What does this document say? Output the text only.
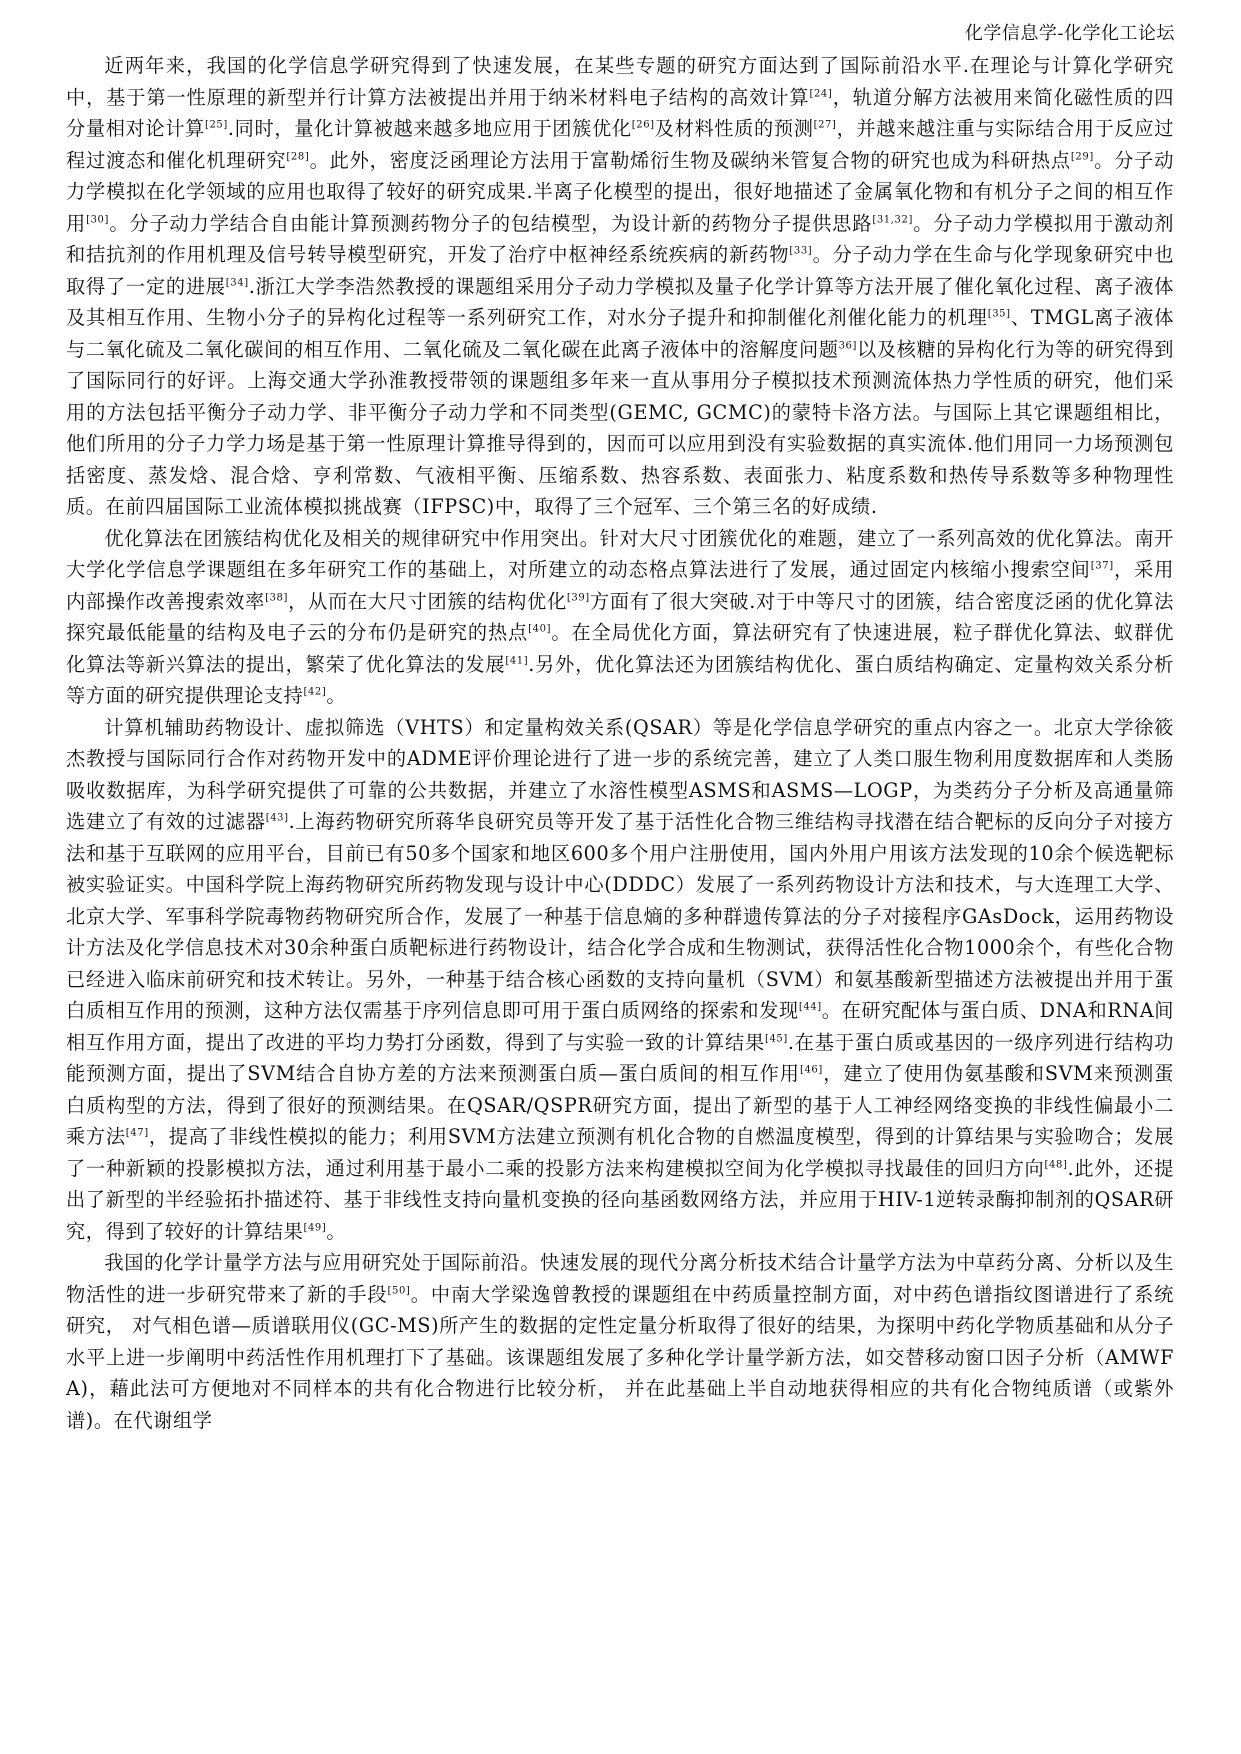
化学信息学-化学化工论坛

近两年来，我国的化学信息学研究得到了快速发展，在某些专题的研究方面达到了国际前沿水平.在理论与计算化学研究中，基于第一性原理的新型并行计算方法被提出并用于纳米材料电子结构的高效计算[24]，轨道分解方法被用来简化磁性质的四分量相对论计算[25].同时，量化计算被越来越多地应用于团簇优化[26]及材料性质的预测[27]，并越来越注重与实际结合用于反应过程过渡态和催化机理研究[28]。此外，密度泛函理论方法用于富勒烯衍生物及碳纳米管复合物的研究也成为科研热点[29]。分子动力学模拟在化学领域的应用也取得了较好的研究成果.半离子化模型的提出，很好地描述了金属氧化物和有机分子之间的相互作用[30]。分子动力学结合自由能计算预测药物分子的包结模型，为设计新的药物分子提供思路[31,32]。分子动力学模拟用于激动剂和拮抗剂的作用机理及信号转导模型研究，开发了治疗中枢神经系统疾病的新药物[33]。分子动力学在生命与化学现象研究中也取得了一定的进展[34].浙江大学李浩然教授的课题组采用分子动力学模拟及量子化学计算等方法开展了催化氧化过程、离子液体及其相互作用、生物小分子的异构化过程等一系列研究工作，对水分子提升和抑制催化剂催化能力的机理[35]、TMGL离子液体与二氧化硫及二氧化碳间的相互作用、二氧化硫及二氧化碳在此离子液体中的溶解度问题$^{36]}$以及核糖的异构化行为等的研究得到了国际同行的好评。上海交通大学孙淮教授带领的课题组多年来一直从事用分子模拟技术预测流体热力学性质的研究，他们采用的方法包括平衡分子动力学、非平衡分子动力学和不同类型(GEMC, GCMC)的蒙特卡洛方法。与国际上其它课题组相比，他们所用的分子力学力场是基于第一性原理计算推导得到的，因而可以应用到没有实验数据的真实流体.他们用同一力场预测包括密度、蒸发焓、混合焓、亨利常数、气液相平衡、压缩系数、热容系数、表面张力、粘度系数和热传导系数等多种物理性质。在前四届国际工业流体模拟挑战赛（IFPSC)中，取得了三个冠军、三个第三名的好成绩.

优化算法在团簇结构优化及相关的规律研究中作用突出。针对大尺寸团簇优化的难题，建立了一系列高效的优化算法。南开大学化学信息学课题组在多年研究工作的基础上，对所建立的动态格点算法进行了发展，通过固定内核缩小搜索空间[37]，采用内部操作改善搜索效率[38]，从而在大尺寸团簇的结构优化[39]方面有了很大突破.对于中等尺寸的团簇，结合密度泛函的优化算法探究最低能量的结构及电子云的分布仍是研究的热点[40]。在全局优化方面，算法研究有了快速进展，粒子群优化算法、蚁群优化算法等新兴算法的提出，繁荣了优化算法的发展[41].另外，优化算法还为团簇结构优化、蛋白质结构确定、定量构效关系分析等方面的研究提供理论支持[42]。

计算机辅助药物设计、虚拟筛选（VHTS）和定量构效关系(QSAR）等是化学信息学研究的重点内容之一。北京大学徐筱杰教授与国际同行合作对药物开发中的ADME评价理论进行了进一步的系统完善，建立了人类口服生物利用度数据库和人类肠吸收数据库，为科学研究提供了可靠的公共数据，并建立了水溶性模型ASMS和ASMS—LOGP，为类药分子分析及高通量筛选建立了有效的过滤器[43].上海药物研究所蒋华良研究员等开发了基于活性化合物三维结构寻找潜在结合靶标的反向分子对接方法和基于互联网的应用平台，目前已有50多个国家和地区600多个用户注册使用，国内外用户用该方法发现的10余个候选靶标被实验证实。中国科学院上海药物研究所药物发现与设计中心(DDDC）发展了一系列药物设计方法和技术，与大连理工大学、北京大学、军事科学院毒物药物研究所合作，发展了一种基于信息熵的多种群遗传算法的分子对接程序GAsDock，运用药物设计方法及化学信息技术对30余种蛋白质靶标进行药物设计，结合化学合成和生物测试，获得活性化合物1000余个，有些化合物已经进入临床前研究和技术转让。另外，一种基于结合核心函数的支持向量机（SVM）和氨基酸新型描述方法被提出并用于蛋白质相互作用的预测，这种方法仅需基于序列信息即可用于蛋白质网络的探索和发现[44]。在研究配体与蛋白质、DNA和RNA间相互作用方面，提出了改进的平均力势打分函数，得到了与实验一致的计算结果[45].在基于蛋白质或基因的一级序列进行结构功能预测方面，提出了SVM结合自协方差的方法来预测蛋白质—蛋白质间的相互作用[46]，建立了使用伪氨基酸和SVM来预测蛋白质构型的方法，得到了很好的预测结果。在QSAR/QSPR研究方面，提出了新型的基于人工神经网络变换的非线性偏最小二乘方法[47]，提高了非线性模拟的能力；利用SVM方法建立预测有机化合物的自燃温度模型，得到的计算结果与实验吻合；发展了一种新颖的投影模拟方法，通过利用基于最小二乘的投影方法来构建模拟空间为化学模拟寻找最佳的回归方向[48].此外，还提出了新型的半经验拓扑描述符、基于非线性支持向量机变换的径向基函数网络方法，并应用于HIV-1逆转录酶抑制剂的QSAR研究，得到了较好的计算结果[49]。

我国的化学计量学方法与应用研究处于国际前沿。快速发展的现代分离分析技术结合计量学方法为中草药分离、分析以及生物活性的进一步研究带来了新的手段[50]。中南大学梁逸曾教授的课题组在中药质量控制方面，对中药色谱指纹图谱进行了系统研究， 对气相色谱—质谱联用仪(GC-MS)所产生的数据的定性定量分析取得了很好的结果，为探明中药化学物质基础和从分子水平上进一步阐明中药活性作用机理打下了基础。该课题组发展了多种化学计量学新方法，如交替移动窗口因子分析（AMWFA)，藉此法可方便地对不同样本的共有化合物进行比较分析， 并在此基础上半自动地获得相应的共有化合物纯质谱（或紫外谱)。在代谢组学
